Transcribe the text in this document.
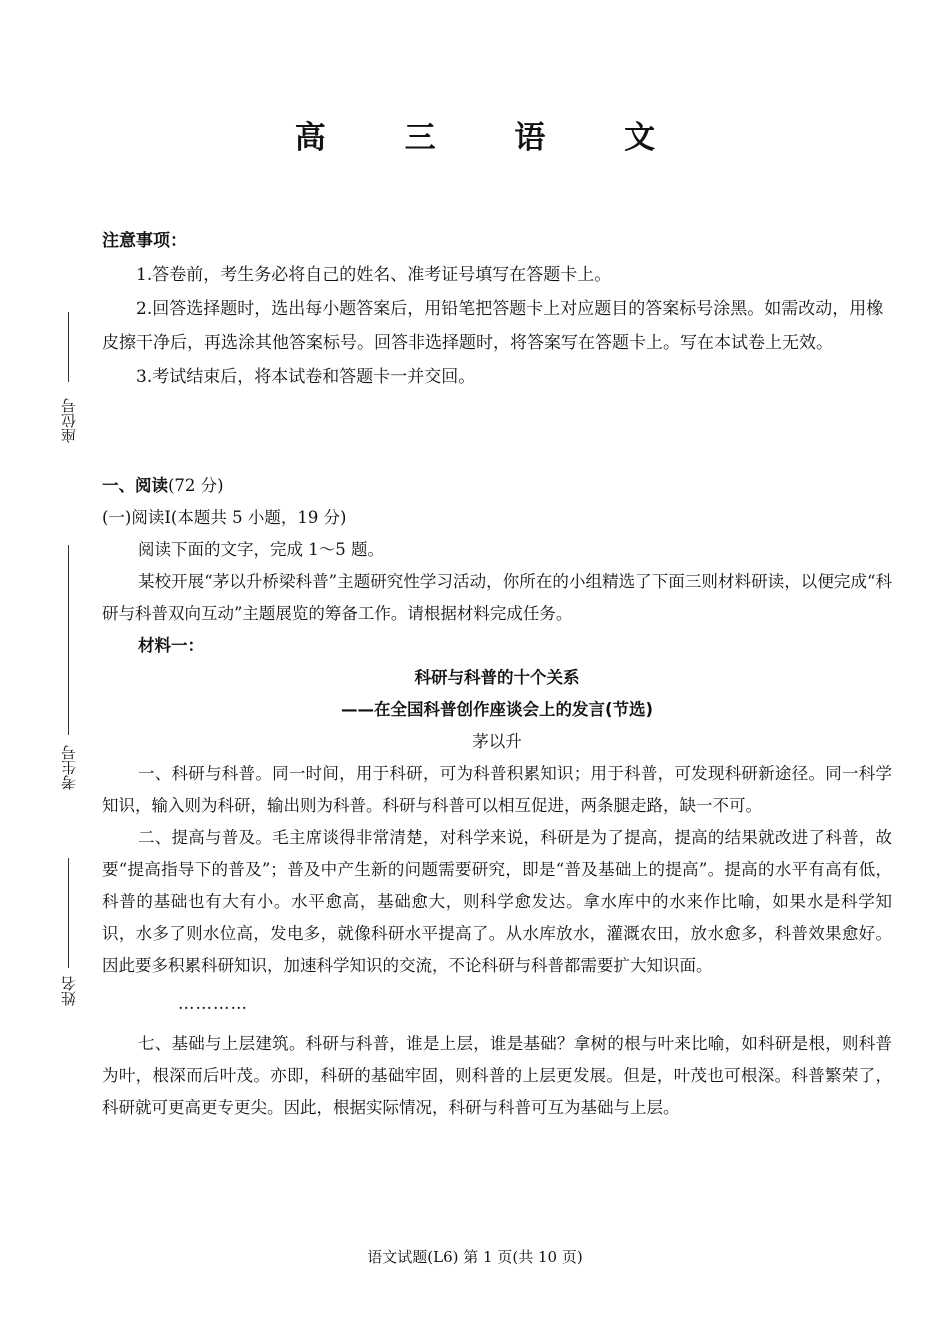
高 三 语 文
座位号
考生号
姓名
注意事项：

1.答卷前，考生务必将自己的姓名、准考证号填写在答题卡上。

2.回答选择题时，选出每小题答案后，用铅笔把答题卡上对应题目的答案标号涂黑。如需改动，用橡皮擦干净后，再选涂其他答案标号。回答非选择题时，将答案写在答题卡上。写在本试卷上无效。

3.考试结束后，将本试卷和答题卡一并交回。

一、阅读(72 分)

(一)阅读Ⅰ(本题共 5 小题，19 分)

阅读下面的文字，完成 1～5 题。

某校开展“茅以升桥梁科普”主题研究性学习活动，你所在的小组精选了下面三则材料研读，以便完成“科研与科普双向互动”主题展览的筹备工作。请根据材料完成任务。

材料一：

科研与科普的十个关系

——在全国科普创作座谈会上的发言(节选)

茅以升

一、科研与科普。同一时间，用于科研，可为科普积累知识；用于科普，可发现科研新途径。同一科学知识，输入则为科研，输出则为科普。科研与科普可以相互促进，两条腿走路，缺一不可。

二、提高与普及。毛主席谈得非常清楚，对科学来说，科研是为了提高，提高的结果就改进了科普，故要“提高指导下的普及”；普及中产生新的问题需要研究，即是“普及基础上的提高”。提高的水平有高有低，科普的基础也有大有小。水平愈高，基础愈大，则科学愈发达。拿水库中的水来作比喻，如果水是科学知识，水多了则水位高，发电多，就像科研水平提高了。从水库放水，灌溉农田，放水愈多，科普效果愈好。因此要多积累科研知识，加速科学知识的交流，不论科研与科普都需要扩大知识面。

…………

七、基础与上层建筑。科研与科普，谁是上层，谁是基础？拿树的根与叶来比喻，如科研是根，则科普为叶，根深而后叶茂。亦即，科研的基础牢固，则科普的上层更发展。但是，叶茂也可根深。科普繁荣了，科研就可更高更专更尖。因此，根据实际情况，科研与科普可互为基础与上层。

语文试题(L6) 第 1 页(共 10 页)
